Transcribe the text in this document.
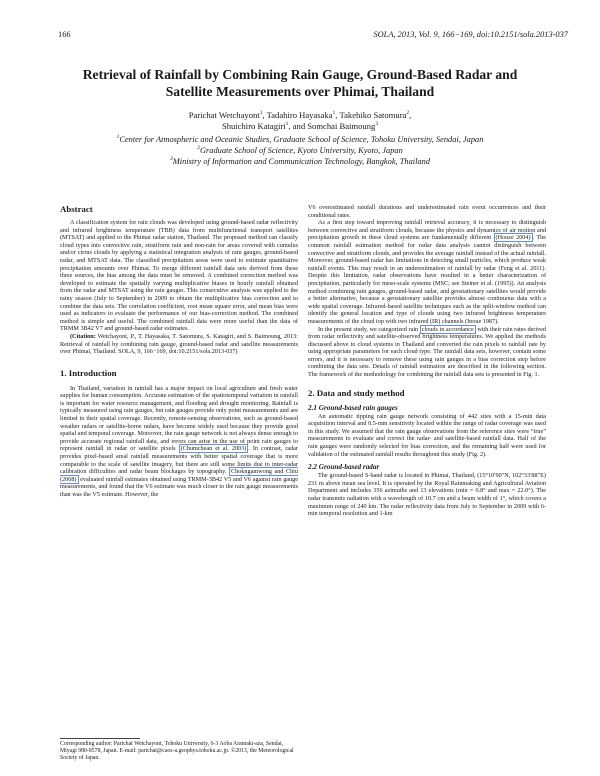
166	SOLA, 2013, Vol. 9, 166−169, doi:10.2151/sola.2013-037
Retrieval of Rainfall by Combining Rain Gauge, Ground-Based Radar and Satellite Measurements over Phimai, Thailand
Parichat Wetchayont$^1$, Tadahiro Hayasaka$^1$, Takehiko Satomura$^2$,
Shuichiro Katagiri$^1$, and Somchai Baimoung$^3$
$^1$Center for Atmospheric and Oceanic Studies, Graduate School of Science, Tohoku University, Sendai, Japan
$^2$Graduate School of Science, Kyoto University, Kyoto, Japan
$^3$Ministry of Information and Communication Technology, Bangkok, Thailand

Abstract

A classification system for rain clouds was developed using ground-based radar reflectivity and infrared brightness temperature (TBB) data from multifunctional transport satellites (MTSAT) and applied to the Phimai radar station, Thailand. The proposed method can classify cloud types into convective rain, stratiform rain and non-rain for areas covered with cumulus and/or cirrus clouds by applying a statistical integration analysis of rain gauges, ground-based radar, and MTSAT data. The classified precipitation areas were used to estimate quantitative precipitation amounts over Phimai. To merge different rainfall data sets derived from these three sources, the bias among the data must be removed. A combined correction method was developed to estimate the spatially varying multiplicative biases in hourly rainfall obtained from the radar and MTSAT using the rain gauges. This consecutive analysis was applied to the rainy season (July to September) in 2009 to obtain the multiplicative bias correction and to combine the data sets. The correlation coefficient, root mean square error, and mean bias were used as indicators to evaluate the performance of our bias-correction method. The combined method is simple and useful. The combined rainfall data were more useful than the data of TRMM 3B42 V7 and ground-based radar estimates.

(Citation: Wetchayont, P., T. Hayasaka, T. Satomura, S. Katagiri, and S. Baimoung, 2013: Retrieval of rainfall by combining rain gauge, ground-based radar and satellite measurements over Phimai, Thailand. SOLA, 9, 166−169, doi:10.2151/sola.2013-037)

1. Introduction

In Thailand, variation in rainfall has a major impact on local agriculture and fresh water supplies for human consumption. Accurate estimation of the spatiotemporal variation in rainfall is important for water resource management, and flooding and drought monitoring. Rainfall is typically measured using rain gauges, but rain gauges provide only point measurements and are limited in their spatial coverage. Recently, remote-sensing observations, such as ground-based weather radars or satellite-borne radars, have become widely used because they provide good spatial and temporal coverage. Moreover, the rain gauge network is not always dense enough to provide accurate regional rainfall data, and errors can arise in the use of point rain gauges to represent rainfall in radar or satellite pixels (Chumchean et al. 2003) . In contrast, radar provides pixel-based areal rainfall measurements with better spatial coverage that is more comparable to the scale of satellite imagery, but there are still some limits due to inter-radar calibration difficulties and radar beam blockages by topography. Chokngamwong and Chiu (2008) evaluated rainfall estimates obtained using TRMM-3B42 V5 and V6 against rain gauge measurements, and found that the V6 estimate was much closer to the rain gauge measurements than was the V5 estimate. However, the

V6 overestimated rainfall durations and underestimated rain event occurrences and their conditional rates.

As a first step toward improving rainfall retrieval accuracy, it is necessary to distinguish between convective and stratiform clouds, because the physics and dynamics of air motion and precipitation growth in these cloud systems are fundamentally different (Houze 2004) . The common rainfall estimation method for radar data analysis cannot distinguish between convective and stratiform clouds, and provides the average rainfall instead of the actual rainfall. Moreover, ground-based radar has limitations in detecting small particles, which produce weak rainfall events. This may result in an underestimation of rainfall by radar (Feng et al. 2011). Despite this limitation, radar observations have resulted in a better characterization of precipitation, particularly for meso-scale systems (MSC; see Steiner et al. (1995)). An analysis method combining rain gauges, ground-based radar, and geostationary satellites would provide a better alternative, because a geostationary satellite provides almost continuous data with a wide spatial coverage. Infrared-based satellite techniques such as the split-window method can identify the general location and type of clouds using two infrared brightness temperature measurements of the cloud top with two infrared (IR) channels (Inoue 1987).

In the present study, we categorized rain clouds in accordance with their rain rates derived from radar reflectivity and satellite-observed brightness temperatures. We applied the methods discussed above to cloud systems in Thailand and converted the rain pixels to rainfall rate by using appropriate parameters for each cloud type. The rainfall data sets, however, contain some errors, and it is necessary to remove these using rain gauges in a bias correction step before combining the data sets. Details of rainfall estimation are described in the following section. The framework of the methodology for combining the rainfall data sets is presented in Fig. 1.

2. Data and study method

2.1 Ground-based rain gauges

An automatic tipping rain gauge network consisting of 442 sites with a 15-min data acquisition interval and 0.5-mm sensitivity located within the range of radar coverage was used in this study. We assumed that the rain gauge observations from the reference sites were “true” measurements to evaluate and correct the radar- and satellite-based rainfall data. Half of the rain gauges were randomly selected for bias correction, and the remaining half were used for validation of the estimated rainfall results throughout this study (Fig. 2).

2.2 Ground-based radar

The ground-based S-band radar is located in Phimai, Thailand, (15°10′90″N, 102°33′88″E) 231 m above mean sea level. It is operated by the Royal Rainmaking and Agricultural Aviation Department and includes 356 azimuths and 13 elevations (min = 0.8° and max = 22.0°). The radar transmits radiation with a wavelength of 10.7 cm and a beam width of 1°, which covers a maximum range of 240 km. The radar reflectivity data from July to September in 2009 with 6-min temporal resolution and 1-km

Corresponding author: Parichat Wetchayont, Tohoku University, 6-3 Aoba Aramaki-aza, Sendai, Miyagi 980-8578, Japan. E-mail: parichat@caos-a.geophys.tohoku.ac.jp. ©2013, the Meteorological Society of Japan.
